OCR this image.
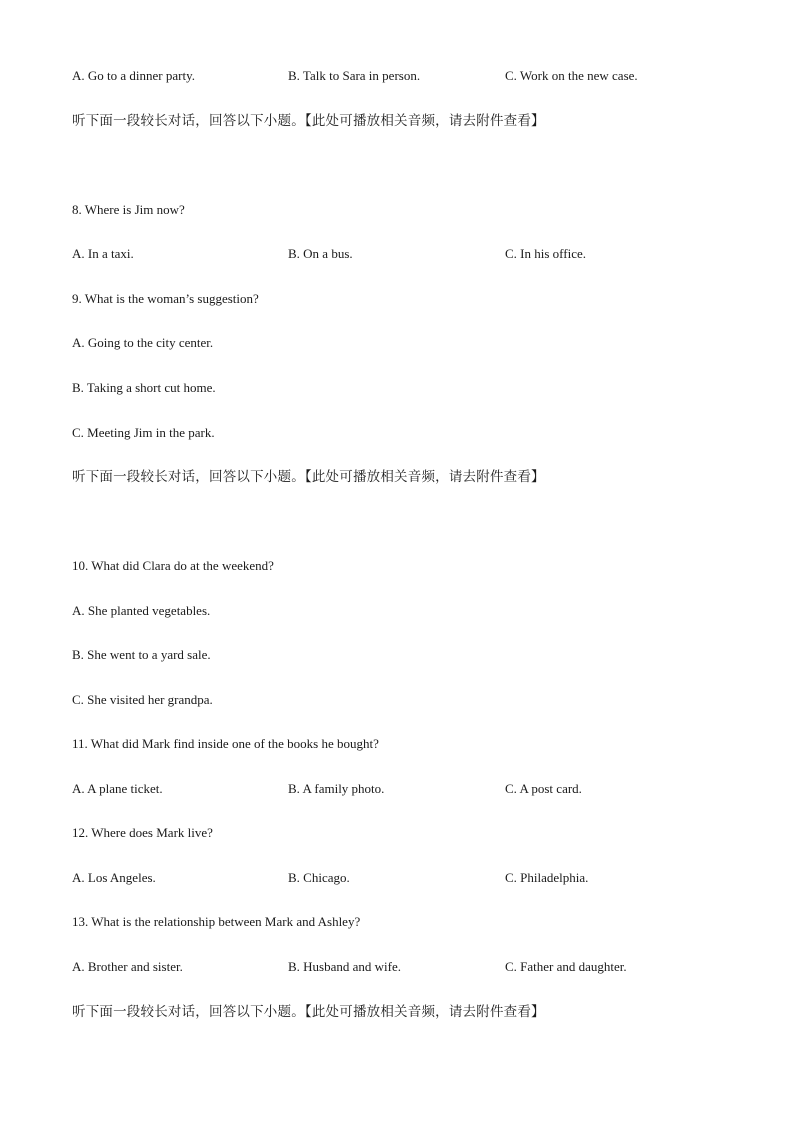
A. Go to a dinner party.	B. Talk to Sara in person.	C. Work on the new case.
听下面一段较长对话，回答以下小题。【此处可播放相关音频，请去附件查看】
8. Where is Jim now?
A. In a taxi.	B. On a bus.	C. In his office.
9. What is the woman’s suggestion?
A. Going to the city center.
B. Taking a short cut home.
C. Meeting Jim in the park.
听下面一段较长对话，回答以下小题。【此处可播放相关音频，请去附件查看】
10. What did Clara do at the weekend?
A. She planted vegetables.
B. She went to a yard sale.
C. She visited her grandpa.
11. What did Mark find inside one of the books he bought?
A. A plane ticket.	B. A family photo.	C. A post card.
12. Where does Mark live?
A. Los Angeles.	B. Chicago.	C. Philadelphia.
13. What is the relationship between Mark and Ashley?
A. Brother and sister.	B. Husband and wife.	C. Father and daughter.
听下面一段较长对话，回答以下小题。【此处可播放相关音频，请去附件查看】
